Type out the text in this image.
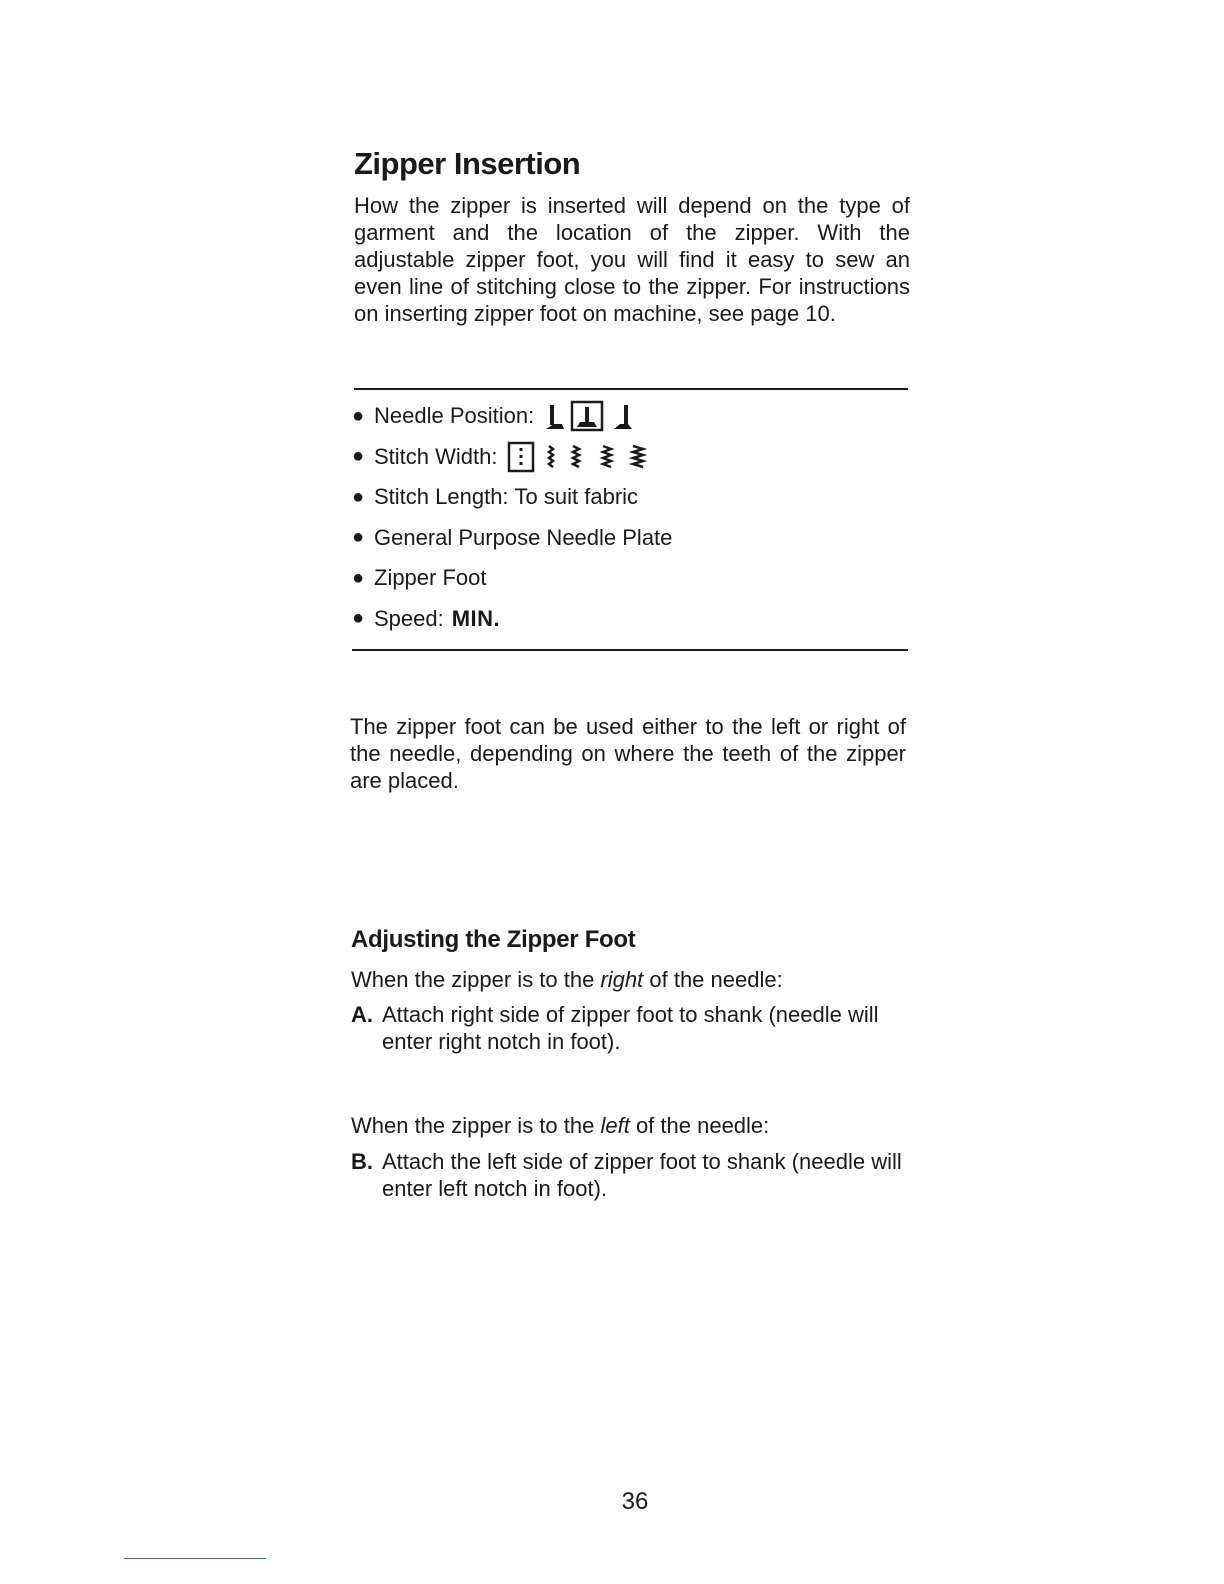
Zipper Insertion

How the zipper is inserted will depend on the type of garment and the location of the zipper. With the adjustable zipper foot, you will find it easy to sew an even line of stitching close to the zipper. For instructions on inserting zipper foot on machine, see page 10.

● Needle Position:
● Stitch Width:
● Stitch Length: To suit fabric
● General Purpose Needle Plate
● Zipper Foot
● Speed: MIN.

The zipper foot can be used either to the left or right of the needle, depending on where the teeth of the zipper are placed.

Adjusting the Zipper Foot

When the zipper is to the right of the needle:

A. Attach right side of zipper foot to shank (needle will enter right notch in foot).

When the zipper is to the left of the needle:

B. Attach the left side of zipper foot to shank (needle will enter left notch in foot).

36
